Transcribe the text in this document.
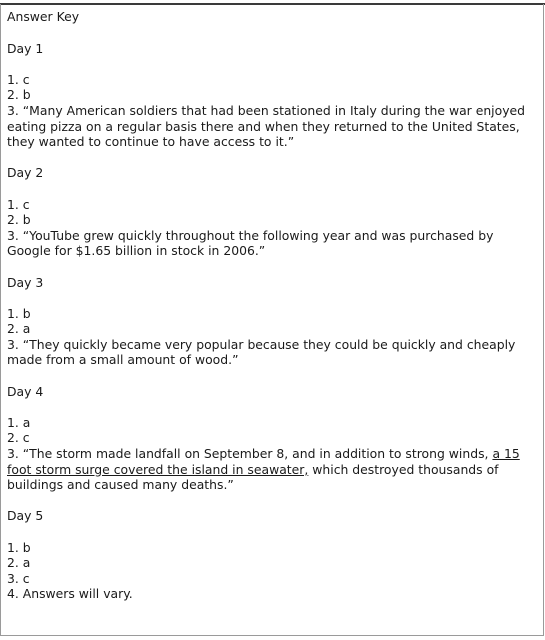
Answer Key
Day 1
1. c
2. b
3. “Many American soldiers that had been stationed in Italy during the war enjoyed eating pizza on a regular basis there and when they returned to the United States, they wanted to continue to have access to it.”
Day 2
1. c
2. b
3. “YouTube grew quickly throughout the following year and was purchased by Google for $1.65 billion in stock in 2006.”
Day 3
1. b
2. a
3. “They quickly became very popular because they could be quickly and cheaply made from a small amount of wood.”
Day 4
1. a
2. c
3. “The storm made landfall on September 8, and in addition to strong winds, a 15 foot storm surge covered the island in seawater, which destroyed thousands of buildings and caused many deaths.”
Day 5
1. b
2. a
3. c
4. Answers will vary.
